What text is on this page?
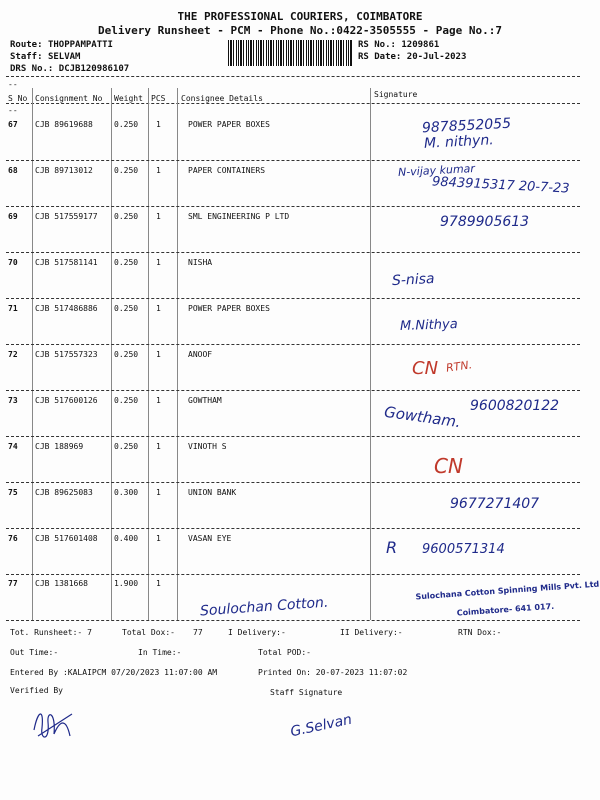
THE PROFESSIONAL COURIERS, COIMBATORE
Delivery Runsheet - PCM - Phone No.:0422-3505555 - Page No.:7
Route: THOPPAMPATTI
Staff: SELVAM
DRS No.: DCJB120986107
RS No.: 1209861
RS Date: 20-Jul-2023
--
S No Consignment No Weight PCS Consignee Details	Signature
--
67 CJB 89619688	0.250 1	POWER PAPER BOXES	9878552055
M. nithyn.
68 CJB 89713012	0.250 1	PAPER CONTAINERS	N-vijay kumar
9843915317 20-7-23
69 CJB 517559177 0.250 1	SML ENGINEERING P LTD	9789905613
70 CJB 517581141 0.250 1	NISHA
S-nisa
71 CJB 517486886 0.250 1	POWER PAPER BOXES
M.Nithya
72 CJB 517557323 0.250 1	ANOOF
CN RTN.
73 CJB 517600126 0.250 1	GOWTHAM
Gowtham. 9600820122
74 CJB 188969	0.250 1	VINOTH S
CN
75 CJB 89625083	0.300 1	UNION BANK
9677271407
76 CJB 517601408 0.400 1	VASAN EYE	R 9600571314
77 CJB 1381668	1.900 1
Soulochan Cotton.
Sulochana Cotton Spinning Mills Pvt. Ltd
Coimbatore- 641 017.
Tot. Runsheet:- 7	Total Dox:- 77	I Delivery:-	II Delivery:-	RTN Dox:-
Out Time:-	In Time:-	Total POD:-
Entered By :KALAIPCM 07/20/2023 11:07:00 AM	Printed On: 20-07-2023 11:07:02
Verified By	Staff Signature
G.Selvan
